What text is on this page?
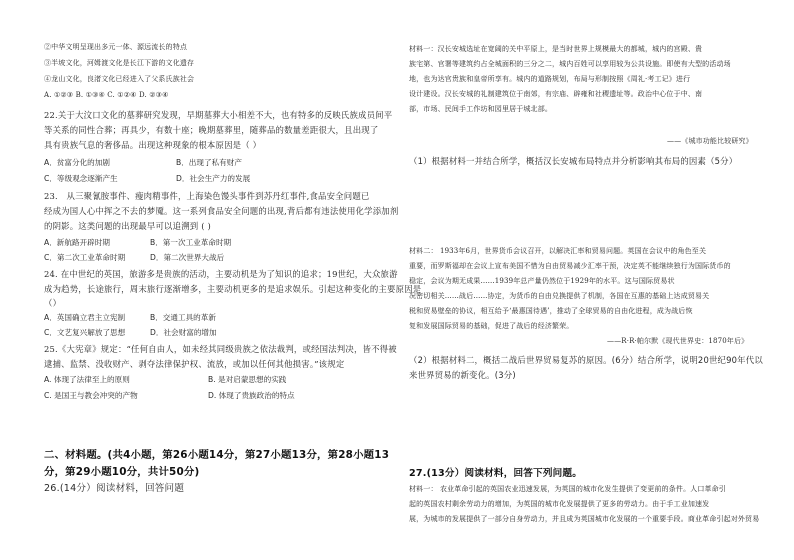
②中华文明呈现出多元一体、源远流长的特点
③半坡文化，河姆渡文化是长江下游的文化遗存
④龙山文化，良渚文化已经进入了父系氏族社会
A. ①②③ B. ①③④ C. ①②④ D. ②③④
22.关于大汶口文化的墓葬研究发现，早期墓葬大小相差不大，也有特多的反映氏族成员间平
等关系的同性合葬；再具少，有数十座；晚期墓葬里，随葬品的数量差距很大，且出现了
具有贵族气息的奢侈品。出现这种现象的根本原因是（ ）
A．贫富分化的加剧	B．出现了私有财产
C．等级观念逐渐产生	D．社会生产力的发展
23． 从三聚氰胺事件、瘦肉精事件，上海染色馒头事件到苏丹红事件,食品安全问题已
经成为国人心中挥之不去的梦魇。这一系列食品安全问题的出现,背后都有违法使用化学添加剂
的阴影。这类问题的出现最早可以追溯到 ( )
A．新航路开辟时期	B．第一次工业革命时期
C．第二次工业革命时期	D．第二次世界大战后
24. 在中世纪的英国，旅游多是贵族的活动，主要动机是为了知识的追求；19世纪，大众旅游
成为趋势，长途旅行，周末旅行逐渐增多，主要动机更多的是追求娱乐。引起这种变化的主要原因是
（）
A．英国确立君主立宪制	B．交通工具的革新
C．文艺复兴解放了思想	D．社会财富的增加
25.《大宪章》规定：“任何自由人，如未经其同级贵族之依法裁判，或经国法判决，皆不得被
逮捕、监禁、没收财产、剥夺法律保护权、流放，或加以任何其他损害。”该规定
A. 体现了法律至上的原则	B. 是对启蒙思想的实践
C. 是国王与教会冲突的产物	D. 体现了贵族政治的特点
二、材料题。(共4小题，第26小题14分，第27小题13分，第28小题13
分，第29小题10分，共计50分)
26.(14分）阅读材料，回答问题
材料一：汉长安城选址在宽阔的关中平原上，是当时世界上规模最大的都城，城内的宫殿、貴
族宅第、官署等建筑约占全城面积的三分之二，城内百姓可以享用较为公共设施。即使有大型的活动场
地，也为达官贵族和皇帝所享有。城内的道路规划，布局与形制按照《周礼·考工记》进行
设计建设。汉长安城的礼制建筑位于南郊，有宗庙、辟雍和社稷遗址等。政治中心位于中、南
部，市场、民间手工作坊和园里居于城北部。
——《城市功能比较研究》
（1）根据材料一并结合所学，概括汉长安城布局特点并分析影响其布局的因素（5分）
材料二： 1933年6月，世界货币会议召开，以解决汇率和贸易问题。英国在会议中的角色至关
重要，而罗斯福却在会议上宣布美国不惜为自由贸易减少汇率干预，决定英不能继续独行为国际货币的
稳定，会议为期无成果……1939年总产量仍然位于1929年的水平。这与国际贸易状
况密切相关……战后……协定，为货币的自由兑换提供了机制，各国在互惠的基础上达成贸易关
税和贸易壁垒的协议，相互给予‘最惠国待遇’，推动了全球贸易的自由化进程，成为战后恢
复和发展国际贸易的基础，促进了战后的经济繁荣。
——R·R·帕尔默《现代世界史：1870年后》
（2）根据材料二，概括二战后世界贸易复苏的原因。(6分）结合所学，说明20世纪90年代以
来世界贸易的新变化。(3分)
27.(13分）阅读材料，回答下列问题。
材料一： 农业革命引起的英国农业迅速发展，为英国的城市化发生提供了变更前的条件。人口革命引
起的英国农村剩余劳动力的增加，为英国的城市化发展提供了更多的劳动力。由于手工业加速发
展，为城市的发展提供了一部分自身劳动力，并且成为英国城市化发展的一个重要手段。商业革命引起对外贸易
